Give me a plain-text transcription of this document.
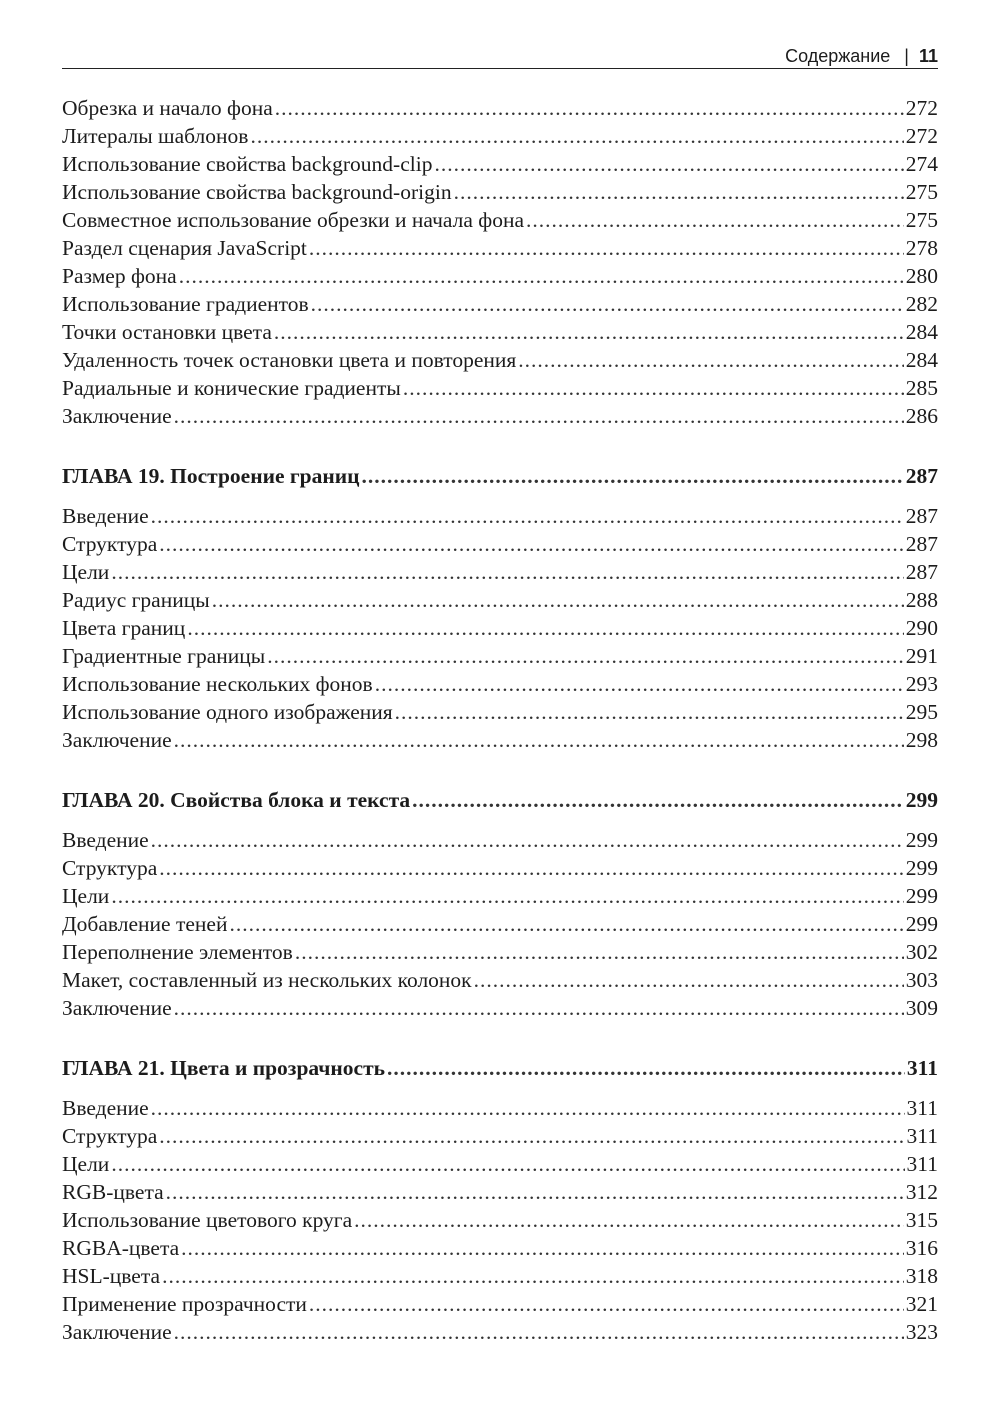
Содержание | 11
Обрезка и начало фона .....	272
Литералы шаблонов .....	272
Использование свойства background-clip .....	274
Использование свойства background-origin .....	275
Совместное использование обрезки и начала фона .....	275
Раздел сценария JavaScript .....	278
Размер фона .....	280
Использование градиентов .....	282
Точки остановки цвета .....	284
Удаленность точек остановки цвета и повторения .....	284
Радиальные и конические градиенты .....	285
Заключение .....	286
ГЛАВА 19. Построение границ .....	287
Введение .....	287
Структура .....	287
Цели .....	287
Радиус границы .....	288
Цвета границ .....	290
Градиентные границы .....	291
Использование нескольких фонов .....	293
Использование одного изображения .....	295
Заключение .....	298
ГЛАВА 20. Свойства блока и текста .....	299
Введение .....	299
Структура .....	299
Цели .....	299
Добавление теней .....	299
Переполнение элементов .....	302
Макет, составленный из нескольких колонок .....	303
Заключение .....	309
ГЛАВА 21. Цвета и прозрачность .....	311
Введение .....	311
Структура .....	311
Цели .....	311
RGB-цвета .....	312
Использование цветового круга .....	315
RGBA-цвета .....	316
HSL-цвета .....	318
Применение прозрачности .....	321
Заключение .....	323
